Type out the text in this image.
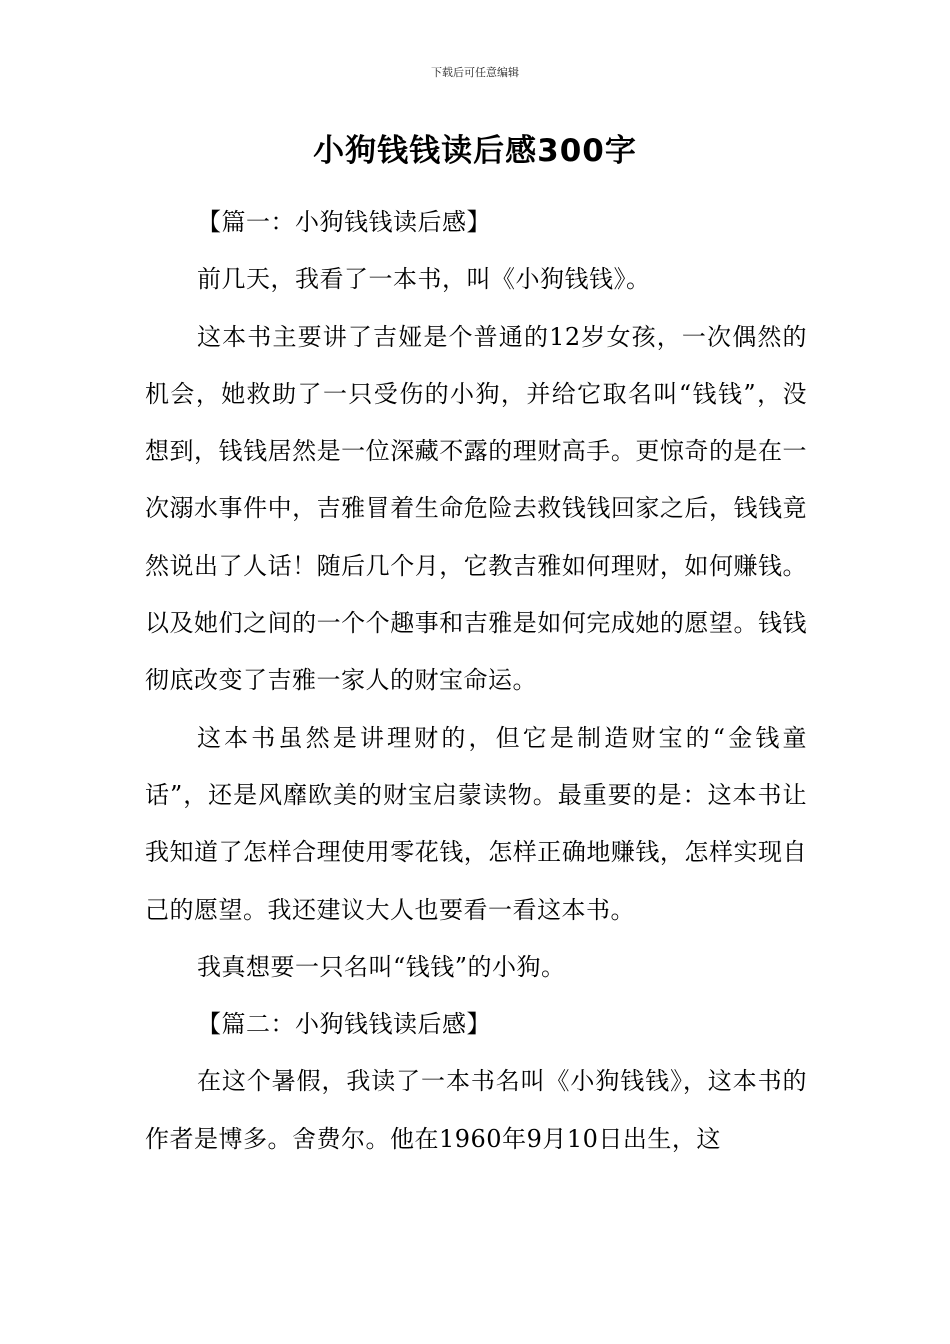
下载后可任意编辑
小狗钱钱读后感300字

【篇一：小狗钱钱读后感】

前几天，我看了一本书，叫《小狗钱钱》。

这本书主要讲了吉娅是个普通的12岁女孩，一次偶然的机会，她救助了一只受伤的小狗，并给它取名叫“钱钱”，没想到，钱钱居然是一位深藏不露的理财高手。更惊奇的是在一次溺水事件中，吉雅冒着生命危险去救钱钱回家之后，钱钱竟然说出了人话！随后几个月，它教吉雅如何理财，如何赚钱。以及她们之间的一个个趣事和吉雅是如何完成她的愿望。钱钱彻底改变了吉雅一家人的财宝命运。

这本书虽然是讲理财的，但它是制造财宝的“金钱童话”，还是风靡欧美的财宝启蒙读物。最重要的是：这本书让我知道了怎样合理使用零花钱，怎样正确地赚钱，怎样实现自己的愿望。我还建议大人也要看一看这本书。

我真想要一只名叫“钱钱”的小狗。

【篇二：小狗钱钱读后感】

在这个暑假，我读了一本书名叫《小狗钱钱》，这本书的作者是博多。舍费尔。他在1960年9月10日出生，这
